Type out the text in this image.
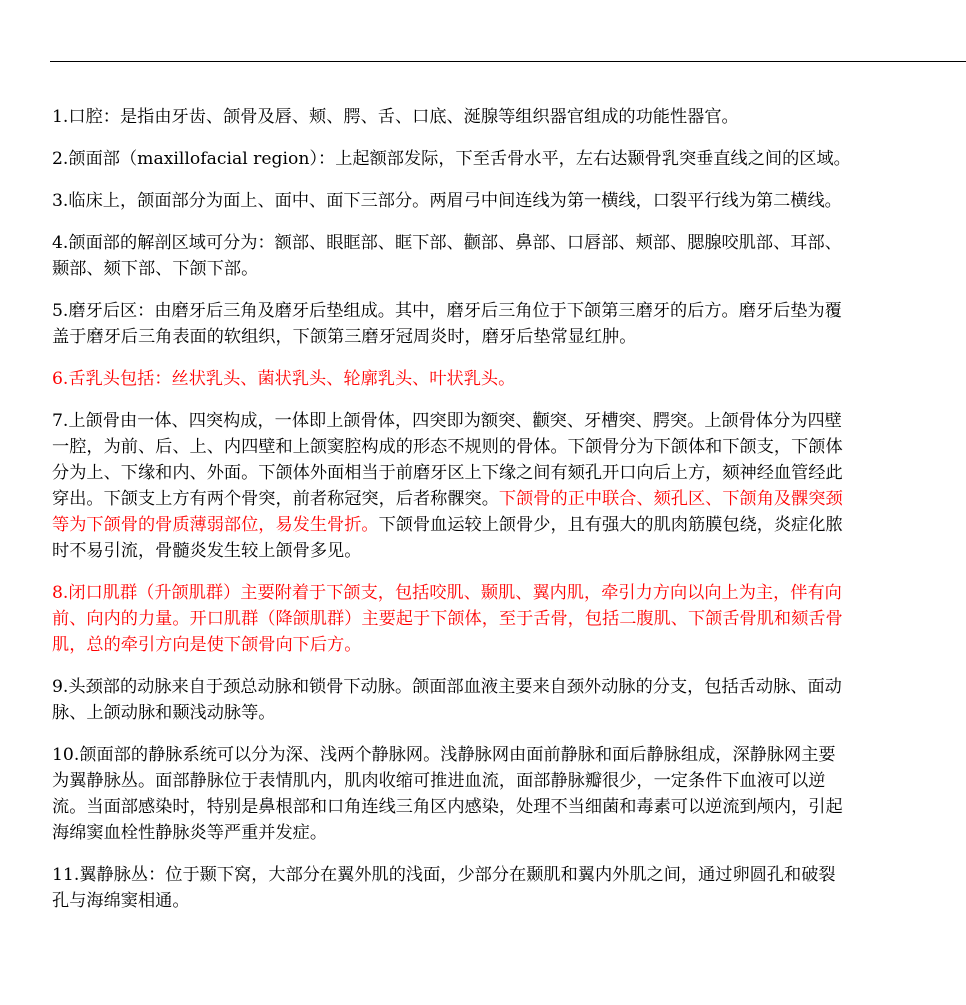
1.口腔：是指由牙齿、颌骨及唇、颊、腭、舌、口底、涎腺等组织器官组成的功能性器官。

2.颌面部（maxillofacial region）：上起额部发际，下至舌骨水平，左右达颞骨乳突垂直线之间的区域。

3.临床上，颌面部分为面上、面中、面下三部分。两眉弓中间连线为第一横线，口裂平行线为第二横线。

4.颌面部的解剖区域可分为：额部、眼眶部、眶下部、颧部、鼻部、口唇部、颊部、腮腺咬肌部、耳部、颞部、颏下部、下颌下部。

5.磨牙后区：由磨牙后三角及磨牙后垫组成。其中，磨牙后三角位于下颌第三磨牙的后方。磨牙后垫为覆盖于磨牙后三角表面的软组织，下颌第三磨牙冠周炎时，磨牙后垫常显红肿。

6.舌乳头包括：丝状乳头、菌状乳头、轮廓乳头、叶状乳头。

7.上颌骨由一体、四突构成，一体即上颌骨体，四突即为额突、颧突、牙槽突、腭突。上颌骨体分为四壁一腔，为前、后、上、内四壁和上颌窦腔构成的形态不规则的骨体。下颌骨分为下颌体和下颌支，下颌体分为上、下缘和内、外面。下颌体外面相当于前磨牙区上下缘之间有颏孔开口向后上方，颏神经血管经此穿出。下颌支上方有两个骨突，前者称冠突，后者称髁突。下颌骨的正中联合、颏孔区、下颌角及髁突颈等为下颌骨的骨质薄弱部位，易发生骨折。下颌骨血运较上颌骨少，且有强大的肌肉筋膜包绕，炎症化脓时不易引流，骨髓炎发生较上颌骨多见。

8.闭口肌群（升颌肌群）主要附着于下颌支，包括咬肌、颞肌、翼内肌，牵引力方向以向上为主，伴有向前、向内的力量。开口肌群（降颌肌群）主要起于下颌体，至于舌骨，包括二腹肌、下颌舌骨肌和颏舌骨肌，总的牵引方向是使下颌骨向下后方。

9.头颈部的动脉来自于颈总动脉和锁骨下动脉。颌面部血液主要来自颈外动脉的分支，包括舌动脉、面动脉、上颌动脉和颞浅动脉等。

10.颌面部的静脉系统可以分为深、浅两个静脉网。浅静脉网由面前静脉和面后静脉组成，深静脉网主要为翼静脉丛。面部静脉位于表情肌内，肌肉收缩可推进血流，面部静脉瓣很少，一定条件下血液可以逆流。当面部感染时，特别是鼻根部和口角连线三角区内感染，处理不当细菌和毒素可以逆流到颅内，引起海绵窦血栓性静脉炎等严重并发症。

11.翼静脉丛：位于颞下窝，大部分在翼外肌的浅面，少部分在颞肌和翼内外肌之间，通过卵圆孔和破裂孔与海绵窦相通。
